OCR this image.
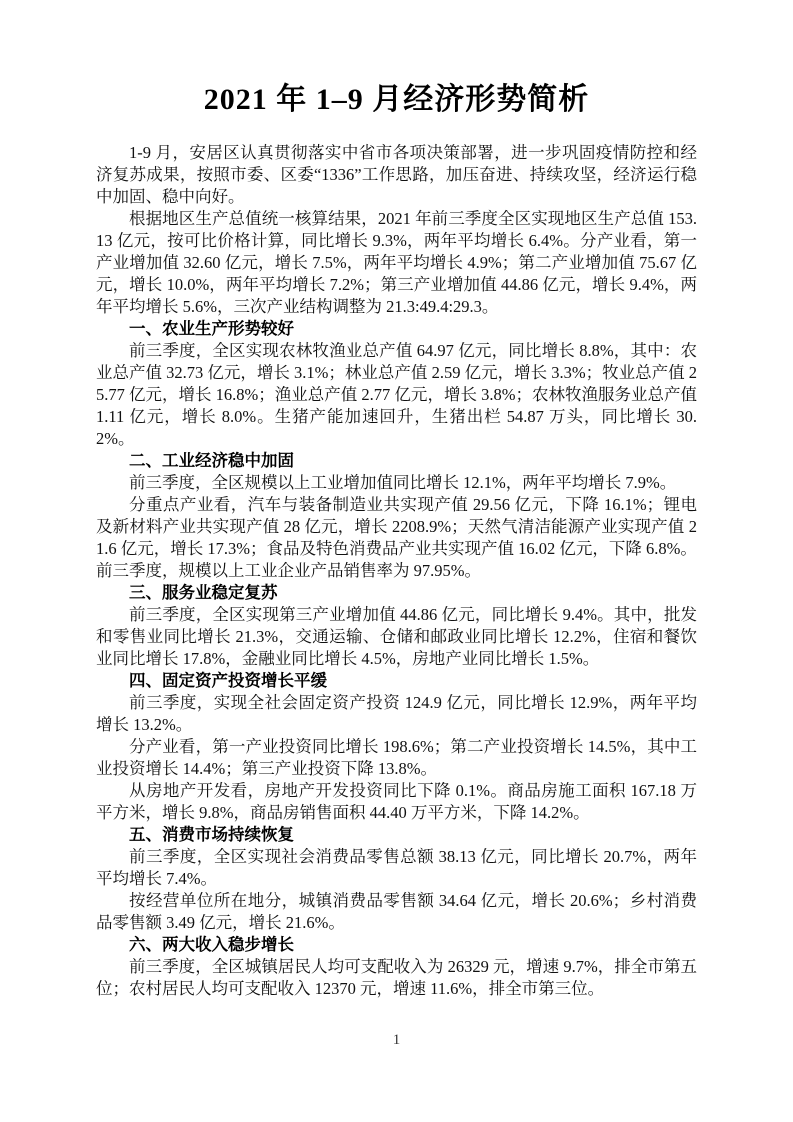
2021 年 1–9 月经济形势简析

1-9 月，安居区认真贯彻落实中省市各项决策部署，进一步巩固疫情防控和经济复苏成果，按照市委、区委“1336”工作思路，加压奋进、持续攻坚，经济运行稳中加固、稳中向好。

根据地区生产总值统一核算结果，2021 年前三季度全区实现地区生产总值 153.13 亿元，按可比价格计算，同比增长 9.3%，两年平均增长 6.4%。分产业看，第一产业增加值 32.60 亿元，增长 7.5%，两年平均增长 4.9%；第二产业增加值 75.67 亿元，增长 10.0%，两年平均增长 7.2%；第三产业增加值 44.86 亿元，增长 9.4%，两年平均增长 5.6%，三次产业结构调整为 21.3:49.4:29.3。

一、农业生产形势较好

前三季度，全区实现农林牧渔业总产值 64.97 亿元，同比增长 8.8%，其中：农业总产值 32.73 亿元，增长 3.1%；林业总产值 2.59 亿元，增长 3.3%；牧业总产值 25.77 亿元，增长 16.8%；渔业总产值 2.77 亿元，增长 3.8%；农林牧渔服务业总产值 1.11 亿元，增长 8.0%。生猪产能加速回升，生猪出栏 54.87 万头，同比增长 30.2%。

二、工业经济稳中加固

前三季度，全区规模以上工业增加值同比增长 12.1%，两年平均增长 7.9%。

分重点产业看，汽车与装备制造业共实现产值 29.56 亿元，下降 16.1%；锂电及新材料产业共实现产值 28 亿元，增长 2208.9%；天然气清洁能源产业实现产值 21.6 亿元，增长 17.3%；食品及特色消费品产业共实现产值 16.02 亿元，下降 6.8%。

前三季度，规模以上工业企业产品销售率为 97.95%。

三、服务业稳定复苏

前三季度，全区实现第三产业增加值 44.86 亿元，同比增长 9.4%。其中，批发和零售业同比增长 21.3%，交通运输、仓储和邮政业同比增长 12.2%，住宿和餐饮业同比增长 17.8%，金融业同比增长 4.5%，房地产业同比增长 1.5%。

四、固定资产投资增长平缓

前三季度，实现全社会固定资产投资 124.9 亿元，同比增长 12.9%，两年平均增长 13.2%。

分产业看，第一产业投资同比增长 198.6%；第二产业投资增长 14.5%，其中工业投资增长 14.4%；第三产业投资下降 13.8%。

从房地产开发看，房地产开发投资同比下降 0.1%。商品房施工面积 167.18 万平方米，增长 9.8%，商品房销售面积 44.40 万平方米，下降 14.2%。

五、消费市场持续恢复

前三季度，全区实现社会消费品零售总额 38.13 亿元，同比增长 20.7%，两年平均增长 7.4%。

按经营单位所在地分，城镇消费品零售额 34.64 亿元，增长 20.6%；乡村消费品零售额 3.49 亿元，增长 21.6%。

六、两大收入稳步增长

前三季度，全区城镇居民人均可支配收入为 26329 元，增速 9.7%，排全市第五位；农村居民人均可支配收入 12370 元，增速 11.6%，排全市第三位。

1
